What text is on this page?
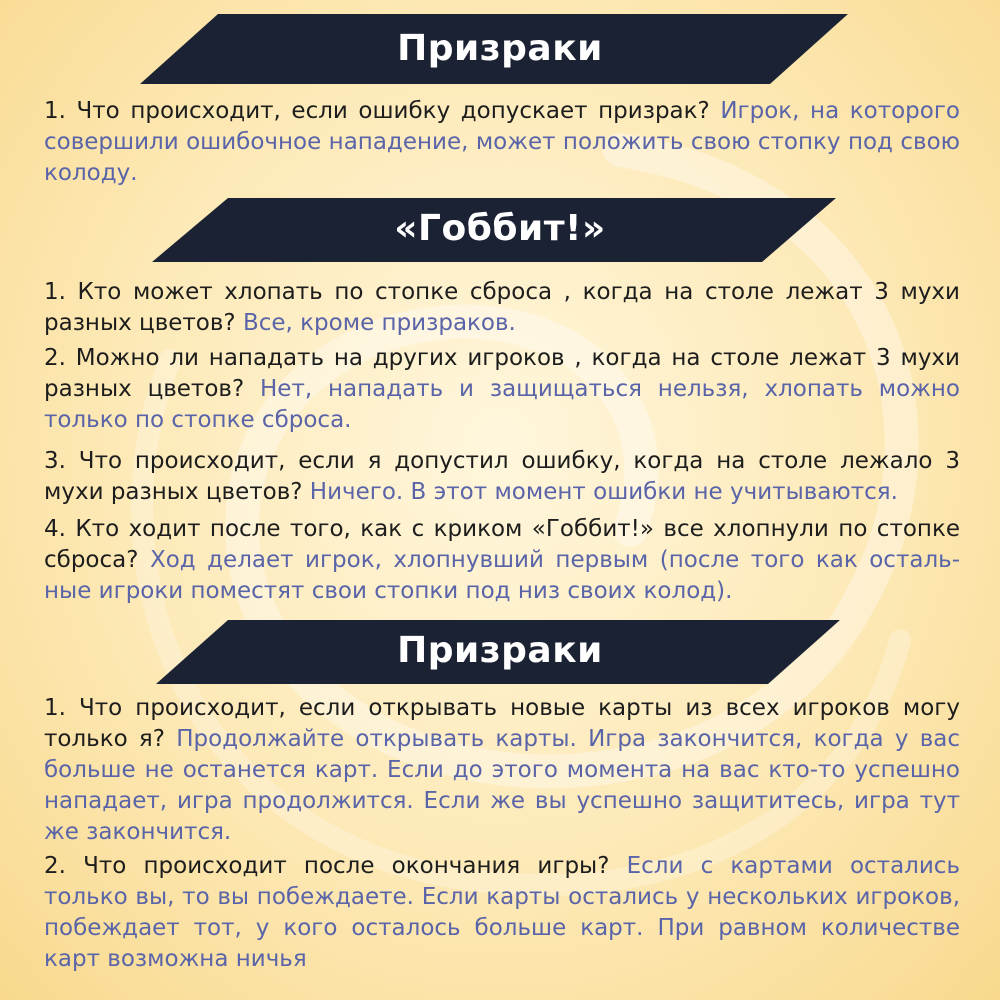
Призраки
1. Что происходит, если ошибку допускает призрак? Игрок, на которого совершили ошибочное нападение, может положить свою стопку под свою колоду.
«Гоббит!»
1. Кто может хлопать по стопке сброса , когда на столе лежат 3 мухи разных цветов? Все, кроме призраков.
2. Можно ли нападать на других игроков , когда на столе лежат 3 мухи разных цветов? Нет, нападать и защищаться нельзя, хлопать можно только по стопке сброса.
3. Что происходит, если я допустил ошибку, когда на столе лежало 3 мухи разных цветов? Ничего. В этот момент ошибки не учитываются.
4. Кто ходит после того, как с криком «Гоббит!» все хлопнули по стопке сброса? Ход делает игрок, хлопнувший первым (после того как осталь-ные игроки поместят свои стопки под низ своих колод).
Призраки
1. Что происходит, если открывать новые карты из всех игроков могу только я? Продолжайте открывать карты. Игра закончится, когда у вас больше не останется карт. Если до этого момента на вас кто-то успешно нападает, игра продолжится. Если же вы успешно защититесь, игра тут же закончится.
2. Что происходит после окончания игры? Если с картами остались только вы, то вы побеждаете. Если карты остались у нескольких игроков, побеждает тот, у кого осталось больше карт. При равном количестве карт возможна ничья
